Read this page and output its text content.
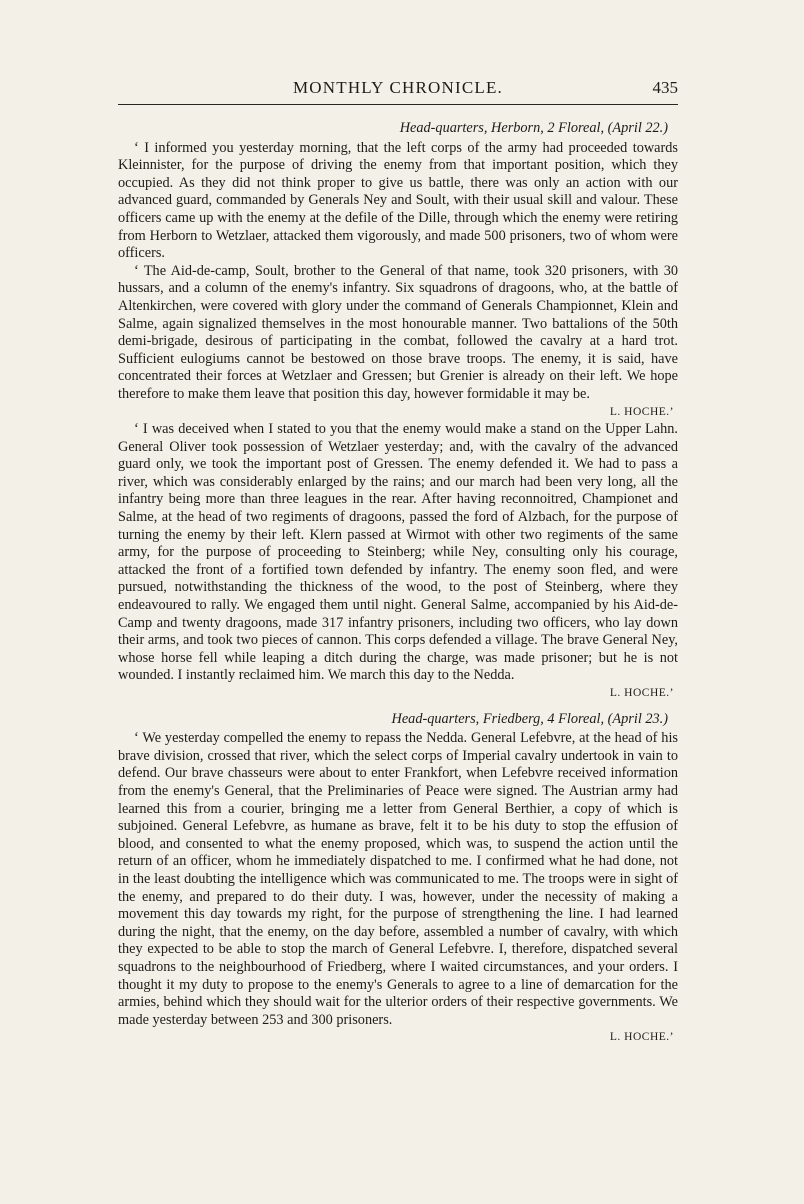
MONTHLY CHRONICLE.	435
Head-quarters, Herborn, 2 Floreal, (April 22.)

‘ I informed you yesterday morning, that the left corps of the army had proceeded towards Kleinnister, for the purpose of driving the enemy from that important position, which they occupied. As they did not think proper to give us battle, there was only an action with our advanced guard, commanded by Generals Ney and Soult, with their usual skill and valour. These officers came up with the enemy at the defile of the Dille, through which the enemy were retiring from Herborn to Wetzlaer, attacked them vigorously, and made 500 prisoners, two of whom were officers.

‘ The Aid-de-camp, Soult, brother to the General of that name, took 320 prisoners, with 30 hussars, and a column of the enemy's infantry. Six squadrons of dragoons, who, at the battle of Altenkirchen, were covered with glory under the command of Generals Championnet, Klein and Salme, again signalized themselves in the most honourable manner. Two battalions of the 50th demi-brigade, desirous of participating in the combat, followed the cavalry at a hard trot. Sufficient eulogiums cannot be bestowed on those brave troops. The enemy, it is said, have concentrated their forces at Wetzlaer and Gressen; but Grenier is already on their left. We hope therefore to make them leave that position this day, however formidable it may be.
L. HOCHE.’

‘ I was deceived when I stated to you that the enemy would make a stand on the Upper Lahn. General Oliver took possession of Wetzlaer yesterday; and, with the cavalry of the advanced guard only, we took the important post of Gressen. The enemy defended it. We had to pass a river, which was considerably enlarged by the rains; and our march had been very long, all the infantry being more than three leagues in the rear. After having reconnoitred, Championet and Salme, at the head of two regiments of dragoons, passed the ford of Alzbach, for the purpose of turning the enemy by their left. Klern passed at Wirmot with other two regiments of the same army, for the purpose of proceeding to Steinberg; while Ney, consulting only his courage, attacked the front of a fortified town defended by infantry. The enemy soon fled, and were pursued, notwithstanding the thickness of the wood, to the post of Steinberg, where they endeavoured to rally. We engaged them until night. General Salme, accompanied by his Aid-de-Camp and twenty dragoons, made 317 infantry prisoners, including two officers, who lay down their arms, and took two pieces of cannon. This corps defended a village. The brave General Ney, whose horse fell while leaping a ditch during the charge, was made prisoner; but he is not wounded. I instantly reclaimed him. We march this day to the Nedda.
L. HOCHE.’

Head-quarters, Friedberg, 4 Floreal, (April 23.)

‘ We yesterday compelled the enemy to repass the Nedda. General Lefebvre, at the head of his brave division, crossed that river, which the select corps of Imperial cavalry undertook in vain to defend. Our brave chasseurs were about to enter Frankfort, when Lefebvre received information from the enemy's General, that the Preliminaries of Peace were signed. The Austrian army had learned this from a courier, bringing me a letter from General Berthier, a copy of which is subjoined. General Lefebvre, as humane as brave, felt it to be his duty to stop the effusion of blood, and consented to what the enemy proposed, which was, to suspend the action until the return of an officer, whom he immediately dispatched to me. I confirmed what he had done, not in the least doubting the intelligence which was communicated to me. The troops were in sight of the enemy, and prepared to do their duty. I was, however, under the necessity of making a movement this day towards my right, for the purpose of strengthening the line. I had learned during the night, that the enemy, on the day before, assembled a number of cavalry, with which they expected to be able to stop the march of General Lefebvre. I, therefore, dispatched several squadrons to the neighbourhood of Friedberg, where I waited circumstances, and your orders. I thought it my duty to propose to the enemy's Generals to agree to a line of demarcation for the armies, behind which they should wait for the ulterior orders of their respective governments. We made yesterday between 253 and 300 prisoners.
L. HOCHE.’
